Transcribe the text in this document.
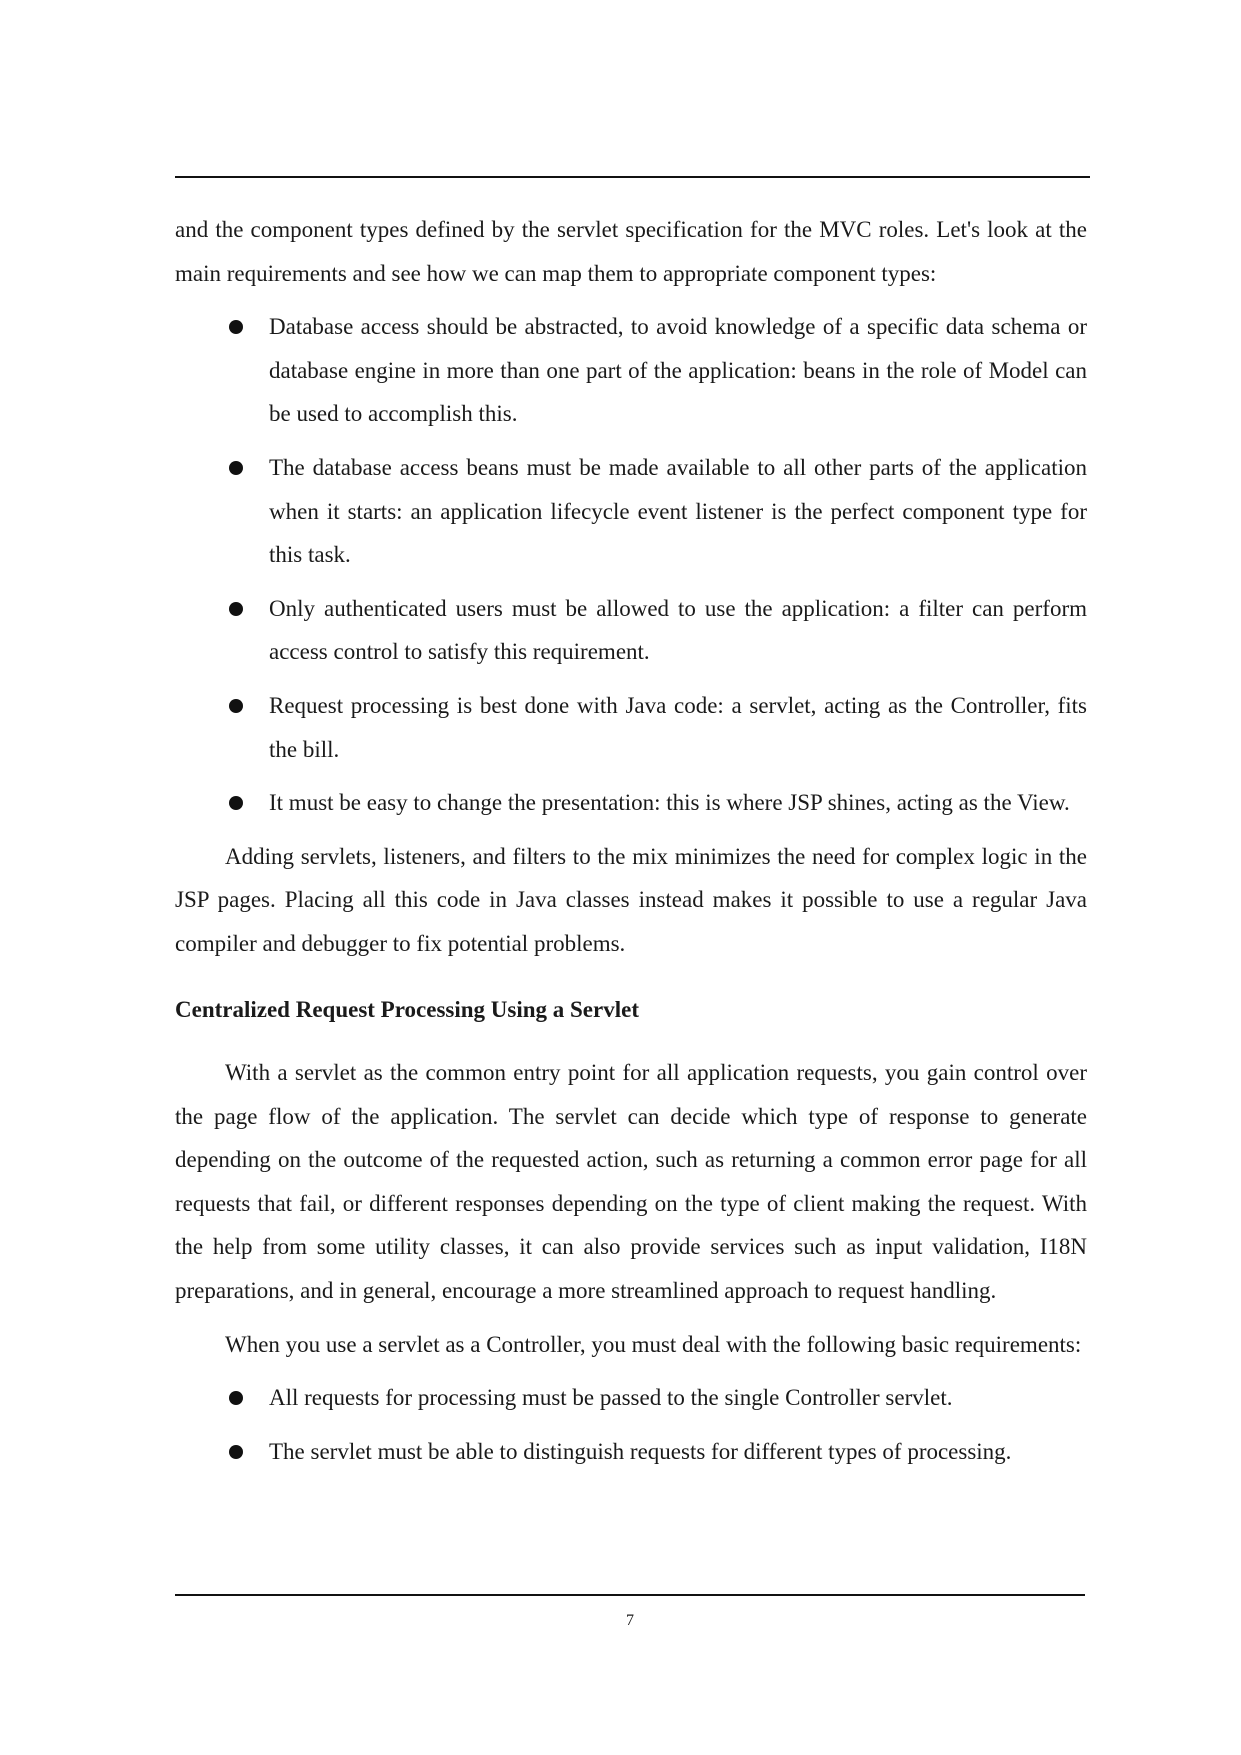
and the component types defined by the servlet specification for the MVC roles. Let's look at the main requirements and see how we can map them to appropriate component types:

Database access should be abstracted, to avoid knowledge of a specific data schema or database engine in more than one part of the application: beans in the role of Model can be used to accomplish this.
The database access beans must be made available to all other parts of the application when it starts: an application lifecycle event listener is the perfect component type for this task.
Only authenticated users must be allowed to use the application: a filter can perform access control to satisfy this requirement.
Request processing is best done with Java code: a servlet, acting as the Controller, fits the bill.
It must be easy to change the presentation: this is where JSP shines, acting as the View.

Adding servlets, listeners, and filters to the mix minimizes the need for complex logic in the JSP pages. Placing all this code in Java classes instead makes it possible to use a regular Java compiler and debugger to fix potential problems.

Centralized Request Processing Using a Servlet

With a servlet as the common entry point for all application requests, you gain control over the page flow of the application. The servlet can decide which type of response to generate depending on the outcome of the requested action, such as returning a common error page for all requests that fail, or different responses depending on the type of client making the request. With the help from some utility classes, it can also provide services such as input validation, I18N preparations, and in general, encourage a more streamlined approach to request handling.

When you use a servlet as a Controller, you must deal with the following basic requirements:

All requests for processing must be passed to the single Controller servlet.
The servlet must be able to distinguish requests for different types of processing.
7
